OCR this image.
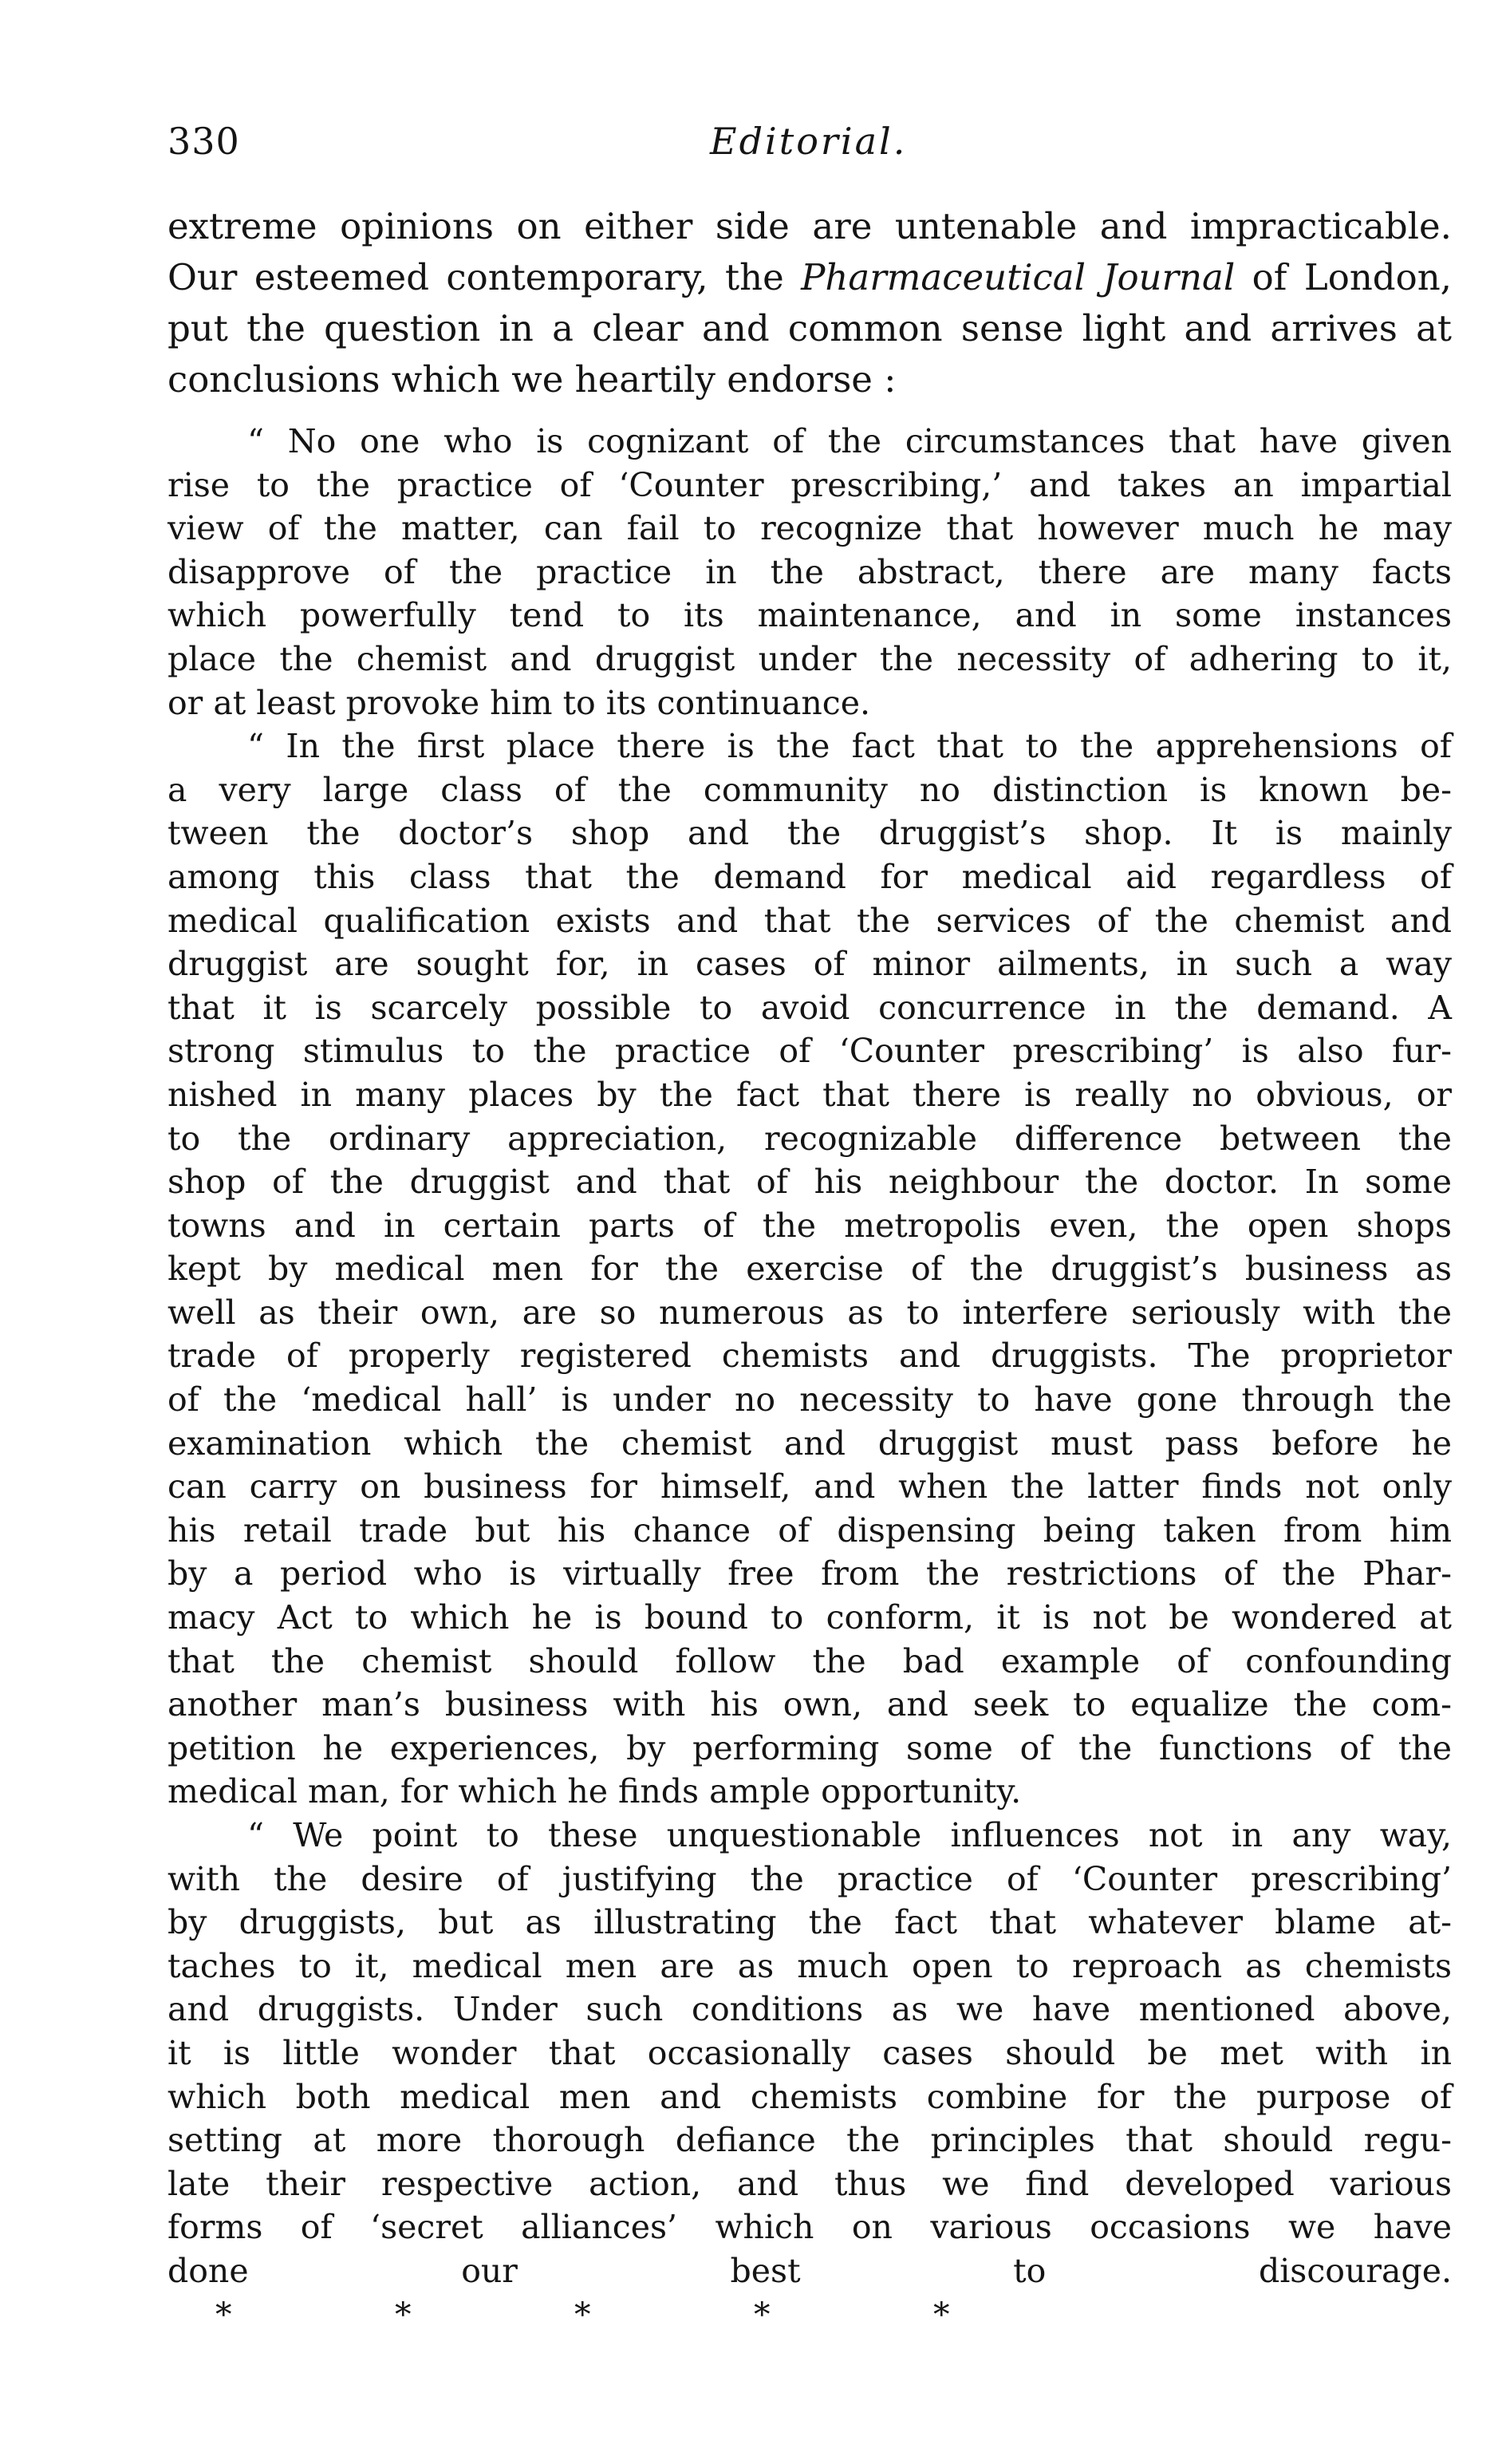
330	Editorial.

extreme opinions on either side are untenable and impracticable.

Our esteemed contemporary, the Pharmaceutical Journal of London,

put the question in a clear and common sense light and arrives at

conclusions which we heartily endorse :

“ No one who is cognizant of the circumstances that have given

rise to the practice of ‘Counter prescribing,’ and takes an impartial

view of the matter, can fail to recognize that however much he may

disapprove of the practice in the abstract, there are many facts

which powerfully tend to its maintenance, and in some instances

place the chemist and druggist under the necessity of adhering to it,

or at least provoke him to its continuance.

“ In the first place there is the fact that to the apprehensions of

a very large class of the community no distinction is known be-

tween the doctor’s shop and the druggist’s shop. It is mainly

among this class that the demand for medical aid regardless of

medical qualification exists and that the services of the chemist and

druggist are sought for, in cases of minor ailments, in such a way

that it is scarcely possible to avoid concurrence in the demand. A

strong stimulus to the practice of ‘Counter prescribing’ is also fur-

nished in many places by the fact that there is really no obvious, or

to the ordinary appreciation, recognizable difference between the

shop of the druggist and that of his neighbour the doctor. In some

towns and in certain parts of the metropolis even, the open shops

kept by medical men for the exercise of the druggist’s business as

well as their own, are so numerous as to interfere seriously with the

trade of properly registered chemists and druggists. The proprietor

of the ‘medical hall’ is under no necessity to have gone through the

examination which the chemist and druggist must pass before he

can carry on business for himself, and when the latter finds not only

his retail trade but his chance of dispensing being taken from him

by a period who is virtually free from the restrictions of the Phar-

macy Act to which he is bound to conform, it is not be wondered at

that the chemist should follow the bad example of confounding

another man’s business with his own, and seek to equalize the com-

petition he experiences, by performing some of the functions of the

medical man, for which he finds ample opportunity.

“ We point to these unquestionable influences not in any way,

with the desire of justifying the practice of ‘Counter prescribing’

by druggists, but as illustrating the fact that whatever blame at-

taches to it, medical men are as much open to reproach as chemists

and druggists. Under such conditions as we have mentioned above,

it is little wonder that occasionally cases should be met with in

which both medical men and chemists combine for the purpose of

setting at more thorough defiance the principles that should regu-

late their respective action, and thus we find developed various

forms of ‘secret alliances’ which on various occasions we have

done our best to discourage.*	*	*	*	*
